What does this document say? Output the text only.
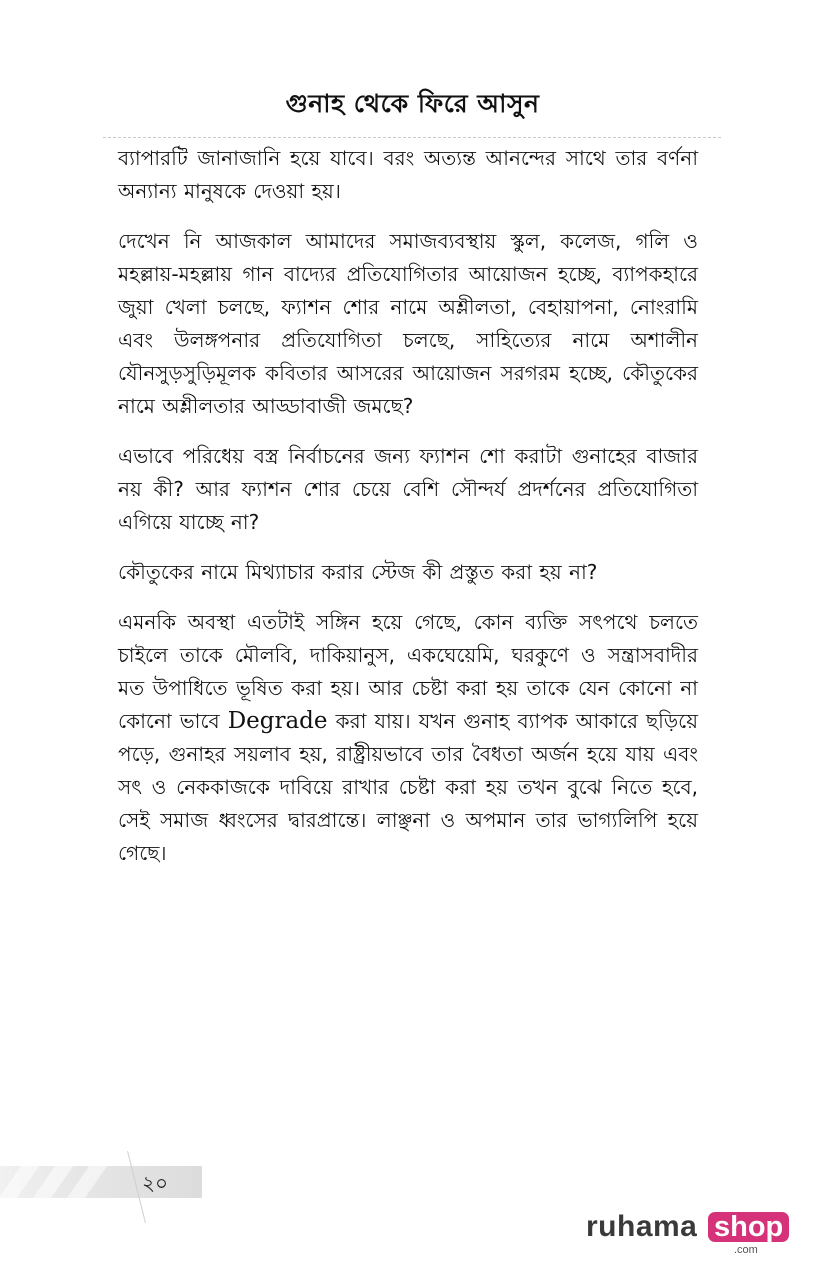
গুনাহ থেকে ফিরে আসুন

ব্যাপারটি জানাজানি হয়ে যাবে। বরং অত্যন্ত আনন্দের সাথে তার বর্ণনা অন্যান্য মানুষকে দেওয়া হয়।

দেখেন নি আজকাল আমাদের সমাজব্যবস্থায় স্কুল, কলেজ, গলি ও মহল্লায়-মহল্লায় গান বাদ্যের প্রতিযোগিতার আয়োজন হচ্ছে, ব্যাপকহারে জুয়া খেলা চলছে, ফ্যাশন শোর নামে অশ্লীলতা, বেহায়াপনা, নোংরামি এবং উলঙ্গপনার প্রতিযোগিতা চলছে, সাহিত্যের নামে অশালীন যৌনসুড়সুড়িমূলক কবিতার আসরের আয়োজন সরগরম হচ্ছে, কৌতুকের নামে অশ্লীলতার আড্ডাবাজী জমছে?

এভাবে পরিধেয় বস্ত্র নির্বাচনের জন্য ফ্যাশন শো করাটা গুনাহের বাজার নয় কী? আর ফ্যাশন শোর চেয়ে বেশি সৌন্দর্য প্রদর্শনের প্রতিযোগিতা এগিয়ে যাচ্ছে না?

কৌতুকের নামে মিথ্যাচার করার স্টেজ কী প্রস্তুত করা হয় না?

এমনকি অবস্থা এতটাই সঙ্গিন হয়ে গেছে, কোন ব্যক্তি সৎপথে চলতে চাইলে তাকে মৌলবি, দাকিয়ানুস, একঘেয়েমি, ঘরকুণে ও সন্ত্রাসবাদীর মত উপাধিতে ভূষিত করা হয়। আর চেষ্টা করা হয় তাকে যেন কোনো না কোনো ভাবে Degrade করা যায়। যখন গুনাহ ব্যাপক আকারে ছড়িয়ে পড়ে, গুনাহর সয়লাব হয়, রাষ্ট্রীয়ভাবে তার বৈধতা অর্জন হয়ে যায় এবং সৎ ও নেককাজকে দাবিয়ে রাখার চেষ্টা করা হয় তখন বুঝে নিতে হবে, সেই সমাজ ধ্বংসের দ্বারপ্রান্তে। লাঞ্ছনা ও অপমান তার ভাগ্যলিপি হয়ে গেছে।

২০
ruhama shop
.com
